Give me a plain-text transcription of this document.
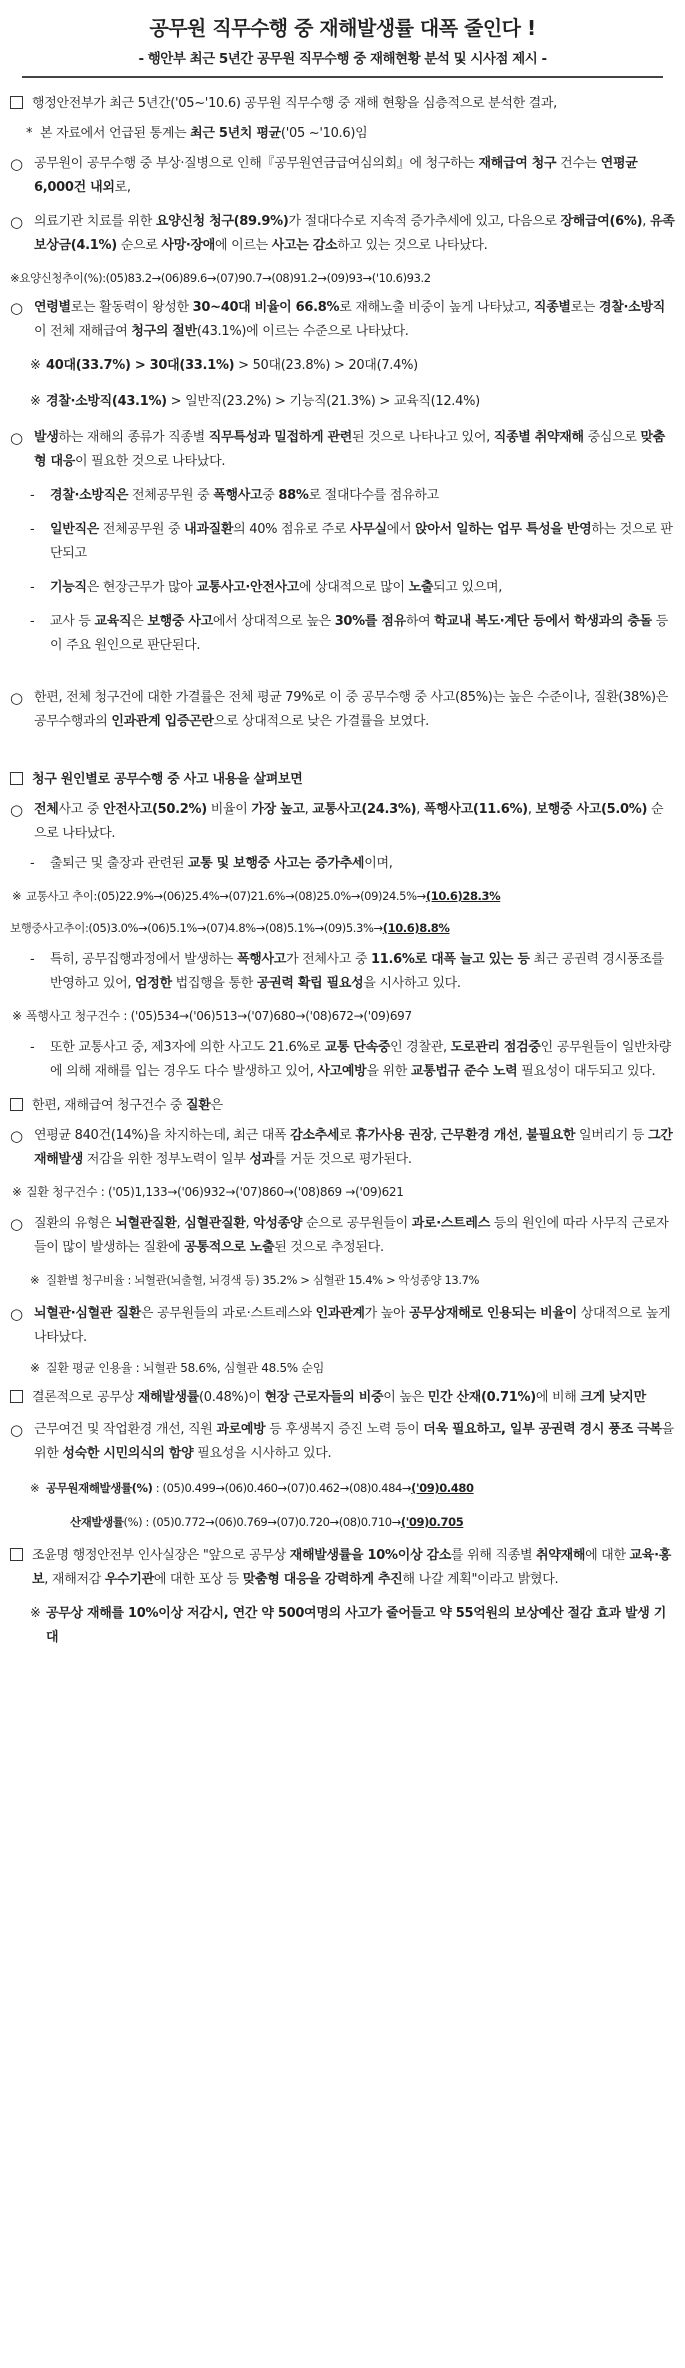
공무원 직무수행 중 재해발생률 대폭 줄인다 !
- 행안부 최근 5년간 공무원 직무수행 중 재해현황 분석 및 시사점 제시 -
행정안전부가 최근 5년간('05~'10.6) 공무원 직무수행 중 재해 현황을 심층적으로 분석한 결과,
* 본 자료에서 언급된 통계는 최근 5년치 평균('05 ~'10.6)임
○ 공무원이 공무수행 중 부상·질병으로 인해『공무원연금급여심의회』에 청구하는 재해급여 청구 건수는 연평균 6,000건 내외로,
○ 의료기관 치료를 위한 요양신청 청구(89.9%)가 절대다수로 지속적 증가추세에 있고, 다음으로 장해급여(6%), 유족보상금(4.1%) 순으로 사망·장애에 이르는 사고는 감소하고 있는 것으로 나타났다.
※요양신청추이(%):(05)83.2→(06)89.6→(07)90.7→(08)91.2→(09)93→('10.6)93.2
○ 연령별로는 활동력이 왕성한 30~40대 비율이 66.8%로 재해노출 비중이 높게 나타났고, 직종별로는 경찰·소방직이 전체 재해급여 청구의 절반(43.1%)에 이르는 수준으로 나타났다.
※ 40대(33.7%) > 30대(33.1%) > 50대(23.8%) > 20대(7.4%)
※ 경찰·소방직(43.1%) > 일반직(23.2%) > 기능직(21.3%) > 교육직(12.4%)
○ 발생하는 재해의 종류가 직종별 직무특성과 밀접하게 관련된 것으로 나타나고 있어, 직종별 취약재해 중심으로 맞춤형 대응이 필요한 것으로 나타났다.
- 경찰·소방직은 전체공무원 중 폭행사고중 88%로 절대다수를 점유하고
- 일반직은 전체공무원 중 내과질환의 40% 점유로 주로 사무실에서 앉아서 일하는 업무 특성을 반영하는 것으로 판단되고
- 기능직은 현장근무가 많아 교통사고·안전사고에 상대적으로 많이 노출되고 있으며,
- 교사 등 교육직은 보행중 사고에서 상대적으로 높은 30%를 점유하여 학교내 복도·계단 등에서 학생과의 충돌 등이 주요 원인으로 판단된다.
○ 한편, 전체 청구건에 대한 가결률은 전체 평균 79%로 이 중 공무수행 중 사고(85%)는 높은 수준이나, 질환(38%)은 공무수행과의 인과관계 입증곤란으로 상대적으로 낮은 가결률을 보였다.
청구 원인별로 공무수행 중 사고 내용을 살펴보면
○ 전체사고 중 안전사고(50.2%) 비율이 가장 높고, 교통사고(24.3%), 폭행사고(11.6%), 보행중 사고(5.0%) 순으로 나타났다.
- 출퇴근 및 출장과 관련된 교통 및 보행중 사고는 증가추세이며,
※ 교통사고 추이:(05)22.9%→(06)25.4%→(07)21.6%→(08)25.0%→(09)24.5%→(10.6)28.3%
보행중사고추이:(05)3.0%→(06)5.1%→(07)4.8%→(08)5.1%→(09)5.3%→(10.6)8.8%
- 특히, 공무집행과정에서 발생하는 폭행사고가 전체사고 중 11.6%로 대폭 늘고 있는 등 최근 공권력 경시풍조를 반영하고 있어, 엄정한 법집행을 통한 공권력 확립 필요성을 시사하고 있다.
※ 폭행사고 청구건수 : ('05)534→('06)513→('07)680→('08)672→('09)697
- 또한 교통사고 중, 제3자에 의한 사고도 21.6%로 교통 단속중인 경찰관, 도로관리 점검중인 공무원들이 일반차량에 의해 재해를 입는 경우도 다수 발생하고 있어, 사고예방을 위한 교통법규 준수 노력 필요성이 대두되고 있다.
한편, 재해급여 청구건수 중 질환은
○ 연평균 840건(14%)을 차지하는데, 최근 대폭 감소추세로 휴가사용 권장, 근무환경 개선, 불필요한 일버리기 등 그간 재해발생 저감을 위한 정부노력이 일부 성과를 거둔 것으로 평가된다.
※ 질환 청구건수 : ('05)1,133→('06)932→('07)860→('08)869 →('09)621
○ 질환의 유형은 뇌혈관질환, 심혈관질환, 악성종양 순으로 공무원들이 과로·스트레스 등의 원인에 따라 사무직 근로자들이 많이 발생하는 질환에 공통적으로 노출된 것으로 추정된다.
※ 질환별 청구비율 : 뇌혈관(뇌출혈, 뇌경색 등) 35.2% > 심혈관 15.4% > 악성종양 13.7%
○ 뇌혈관·심혈관 질환은 공무원들의 과로·스트레스와 인과관계가 높아 공무상재해로 인용되는 비율이 상대적으로 높게 나타났다.
※ 질환 평균 인용율 : 뇌혈관 58.6%, 심혈관 48.5% 순임
결론적으로 공무상 재해발생률(0.48%)이 현장 근로자들의 비중이 높은 민간 산재(0.71%)에 비해 크게 낮지만
○ 근무여건 및 작업환경 개선, 직원 과로예방 등 후생복지 증진 노력 등이 더욱 필요하고, 일부 공권력 경시 풍조 극복을 위한 성숙한 시민의식의 함양 필요성을 시사하고 있다.
※ 공무원재해발생률(%) : (05)0.499→(06)0.460→(07)0.462→(08)0.484→('09)0.480
산재발생률(%) : (05)0.772→(06)0.769→(07)0.720→(08)0.710→('09)0.705
조윤명 행정안전부 인사실장은 "앞으로 공무상 재해발생률을 10%이상 감소를 위해 직종별 취약재해에 대한 교육·홍보, 재해저감 우수기관에 대한 포상 등 맞춤형 대응을 강력하게 추진해 나갈 계획"이라고 밝혔다.
※ 공무상 재해를 10%이상 저감시, 연간 약 500여명의 사고가 줄어들고 약 55억원의 보상예산 절감 효과 발생 기대
